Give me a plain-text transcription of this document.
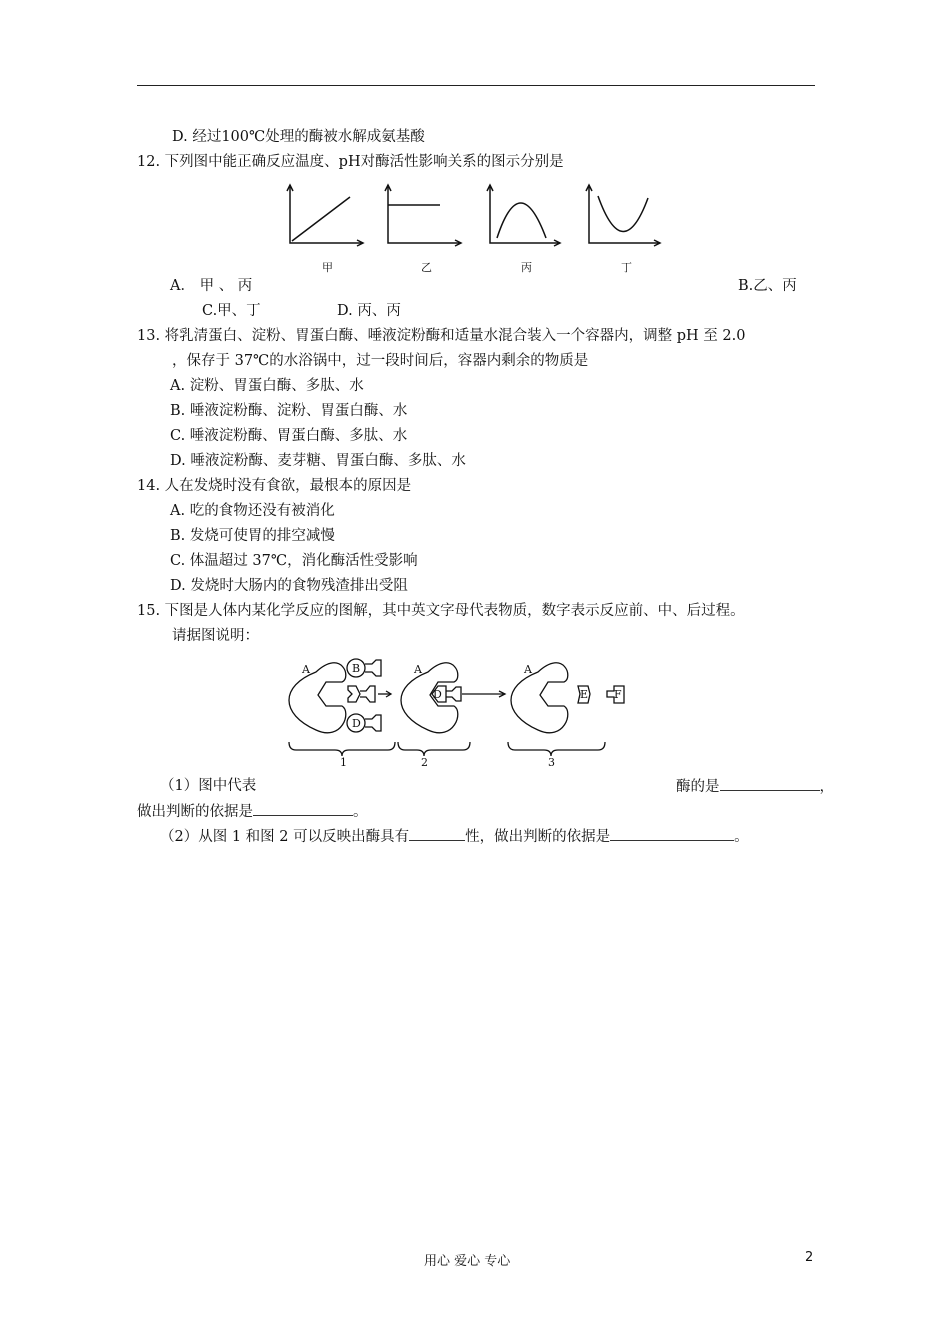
D. 经过100℃处理的酶被水解成氨基酸
12. 下列图中能正确反应温度、pH对酶活性影响关系的图示分别是
甲	乙	丙	丁
A． 甲 、 丙	B.乙、丙
C.甲、丁	D. 丙、丙
13. 将乳清蛋白、淀粉、胃蛋白酶、唾液淀粉酶和适量水混合装入一个容器内，调整 pH 至 2.0
，保存于 37℃的水浴锅中，过一段时间后，容器内剩余的物质是
A. 淀粉、胃蛋白酶、多肽、水
B. 唾液淀粉酶、淀粉、胃蛋白酶、水
C. 唾液淀粉酶、胃蛋白酶、多肽、水
D. 唾液淀粉酶、麦芽糖、胃蛋白酶、多肽、水
14. 人在发烧时没有食欲，最根本的原因是
A. 吃的食物还没有被消化
B. 发烧可使胃的排空减慢
C. 体温超过 37℃，消化酶活性受影响
D. 发烧时大肠内的食物残渣排出受阻
15. 下图是人体内某化学反应的图解，其中英文字母代表物质，数字表示反应前、中、后过程。
请据图说明：
A	B
D
A
D
A
E F
1	2	3
（1）图中代表	酶的是	，
做出判断的依据是	。
（2）从图 1 和图 2 可以反映出酶具有	性，做出判断的依据是	。
用心 爱心 专心	2
